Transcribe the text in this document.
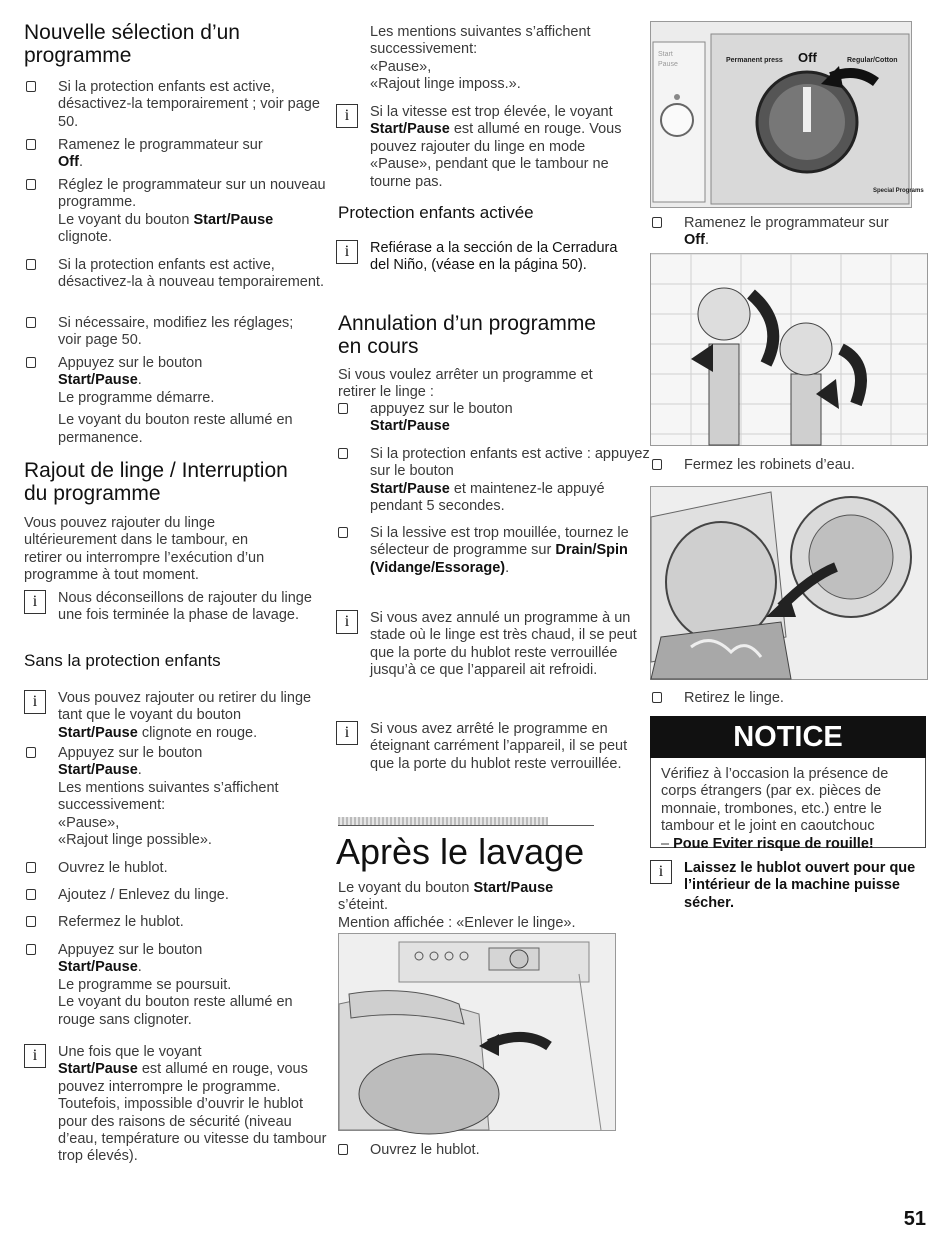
Nouvelle sélection d’un programme
Si la protection enfants est active, désactivez-la temporairement ; voir page 50.
Ramenez le programmateur sur
Off.
Réglez le programmateur sur un nouveau programme.
Le voyant du bouton Start/Pause
clignote.
Si la protection enfants est active, désactivez-la à nouveau temporairement.
Si nécessaire, modifiez les réglages; voir page 50.
Appuyez sur le bouton
Start/Pause.
Le programme démarre.
Le voyant du bouton reste allumé en permanence.
Rajout de linge / Interruption du programme
Vous pouvez rajouter du linge ultérieurement dans le tambour, en retirer ou interrompre l’exécution d’un programme à tout moment.
i	Nous déconseillons de rajouter du linge une fois terminée la phase de lavage.
Sans la protection enfants
i	Vous pouvez rajouter ou retirer du linge tant que le voyant du bouton
Start/Pause clignote en rouge.
Appuyez sur le bouton
Start/Pause.
Les mentions suivantes s’affichent successivement:
«Pause»,
«Rajout linge possible».
Ouvrez le hublot.
Ajoutez / Enlevez du linge.
Refermez le hublot.
Appuyez sur le bouton
Start/Pause.
Le programme se poursuit.
Le voyant du bouton reste allumé en rouge sans clignoter.
i	Une fois que le voyant
Start/Pause est allumé en rouge, vous pouvez interrompre le programme. Toutefois, impossible d’ouvrir le hublot pour des raisons de sécurité (niveau d’eau, température ou vitesse du tambour trop élevés).
Les mentions suivantes s’affichent successivement:
«Pause»,
«Rajout linge imposs.».
i	Si la vitesse est trop élevée, le voyant Start/Pause est allumé en rouge. Vous pouvez rajouter du linge en mode «Pause», pendant que le tambour ne tourne pas.
Protection enfants activée
i	Refiérase a la sección de la Cerradura del Niño, (véase en la página 50).
Annulation d’un programme en cours
Si vous voulez arrêter un programme et retirer le linge :
appuyez sur le bouton
Start/Pause
Si la protection enfants est active : appuyez sur le bouton
Start/Pause et maintenez-le appuyé pendant 5 secondes.
Si la lessive est trop mouillée, tournez le sélecteur de programme sur Drain/Spin (Vidange/Essorage).
i	Si vous avez annulé un programme à un stade où le linge est très chaud, il se peut que la porte du hublot reste verrouillée jusqu’à ce que l’appareil ait refroidi.
i	Si vous avez arrêté le programme en éteignant carrément l’appareil, il se peut que la porte du hublot reste verrouillée.
Après le lavage
Le voyant du bouton Start/Pause s’éteint.
Mention affichée : «Enlever le linge».
Ouvrez le hublot.
Start
Pause
Permanent press Off	Regular/Cotton
Special Programs
Ramenez le programmateur sur
Off.
Fermez les robinets d’eau.
Retirez le linge.
NOTICE
Vérifiez à l’occasion la présence de corps étrangers (par ex. pièces de monnaie, trombones, etc.) entre le tambour et le joint en caoutchouc
– Poue Eviter risque de rouille!
i	Laissez le hublot ouvert pour que l’intérieur de la machine puisse sécher.
51
